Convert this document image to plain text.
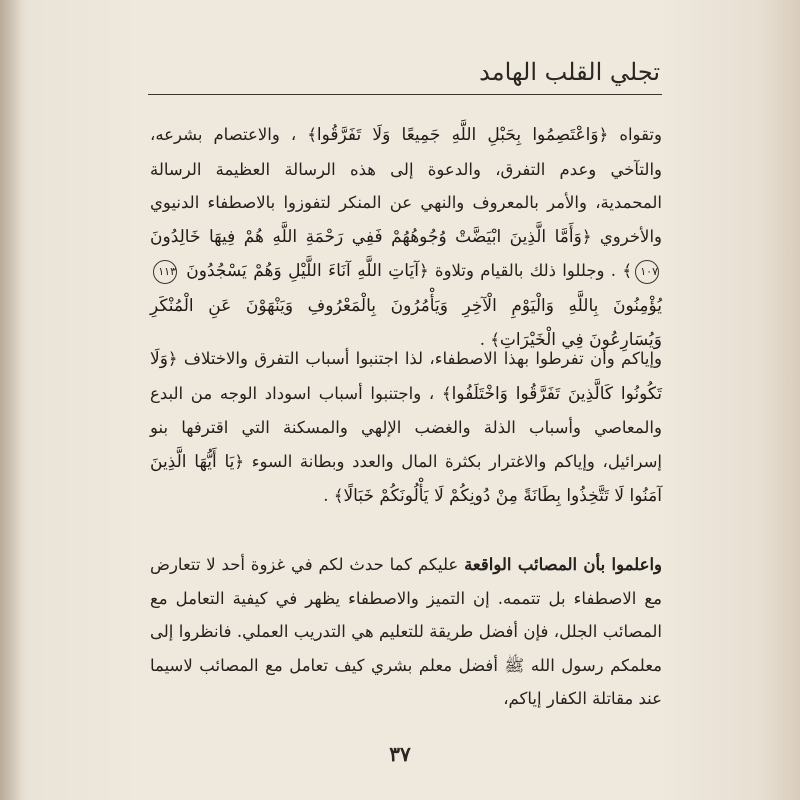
تجلي القلب الهامد

وتقواه ﴿وَاعْتَصِمُوا بِحَبْلِ اللَّهِ جَمِيعًا وَلَا تَفَرَّقُوا﴾ ، والاعتصام بشرعه، والتآخي وعدم التفرق، والدعوة إلى هذه الرسالة العظيمة الرسالة المحمدية، والأمر بالمعروف والنهي عن المنكر لتفوزوا بالاصطفاء الدنيوي والأخروي ﴿وَأَمَّا الَّذِينَ ابْيَضَّتْ وُجُوهُهُمْ فَفِي رَحْمَةِ اللَّهِ هُمْ فِيهَا خَالِدُونَ ١٠٧﴾ . وجللوا ذلك بالقيام وتلاوة ﴿آيَاتِ اللَّهِ آنَاءَ اللَّيْلِ وَهُمْ يَسْجُدُونَ ١١٣ يُؤْمِنُونَ بِاللَّهِ وَالْيَوْمِ الْآخِرِ وَيَأْمُرُونَ بِالْمَعْرُوفِ وَيَنْهَوْنَ عَنِ الْمُنْكَرِ وَيُسَارِعُونَ فِي الْخَيْرَاتِ﴾ .

وإياكم وأن تفرطوا بهذا الاصطفاء، لذا اجتنبوا أسباب التفرق والاختلاف ﴿وَلَا تَكُونُوا كَالَّذِينَ تَفَرَّقُوا وَاخْتَلَفُوا﴾ ، واجتنبوا أسباب اسوداد الوجه من البدع والمعاصي وأسباب الذلة والغضب الإلهي والمسكنة التي اقترفها بنو إسرائيل، وإياكم والاغترار بكثرة المال والعدد وبطانة السوء ﴿يَا أَيُّهَا الَّذِينَ آمَنُوا لَا تَتَّخِذُوا بِطَانَةً مِنْ دُونِكُمْ لَا يَأْلُونَكُمْ خَبَالًا﴾ .

واعلموا بأن المصائب الواقعة عليكم كما حدث لكم في غزوة أحد لا تتعارض مع الاصطفاء بل تتممه. إن التميز والاصطفاء يظهر في كيفية التعامل مع المصائب الجلل، فإن أفضل طريقة للتعليم هي التدريب العملي. فانظروا إلى معلمكم رسول الله ﷺ أفضل معلم بشري كيف تعامل مع المصائب لاسيما عند مقاتلة الكفار إياكم،

٣٧
